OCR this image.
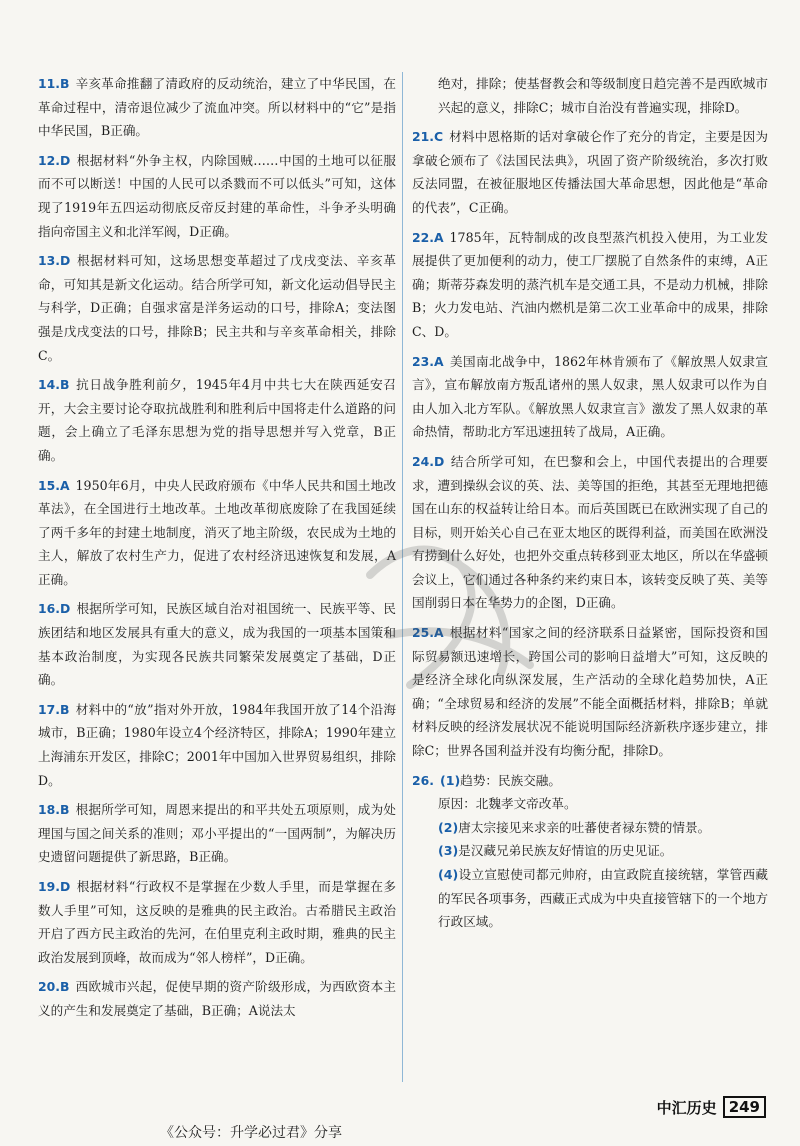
11.B 辛亥革命推翻了清政府的反动统治，建立了中华民国，在革命过程中，清帝退位减少了流血冲突。所以材料中的“它”是指中华民国，B正确。
12.D 根据材料“外争主权，内除国贼……中国的土地可以征服而不可以断送！中国的人民可以杀戮而不可以低头”可知，这体现了1919年五四运动彻底反帝反封建的革命性，斗争矛头明确指向帝国主义和北洋军阀，D正确。
13.D 根据材料可知，这场思想变革超过了戊戌变法、辛亥革命，可知其是新文化运动。结合所学可知，新文化运动倡导民主与科学，D正确；自强求富是洋务运动的口号，排除A；变法图强是戊戌变法的口号，排除B；民主共和与辛亥革命相关，排除C。
14.B 抗日战争胜利前夕，1945年4月中共七大在陕西延安召开，大会主要讨论夺取抗战胜利和胜利后中国将走什么道路的问题，会上确立了毛泽东思想为党的指导思想并写入党章，B正确。
15.A 1950年6月，中央人民政府颁布《中华人民共和国土地改革法》，在全国进行土地改革。土地改革彻底废除了在我国延续了两千多年的封建土地制度，消灭了地主阶级，农民成为土地的主人，解放了农村生产力，促进了农村经济迅速恢复和发展，A正确。
16.D 根据所学可知，民族区域自治对祖国统一、民族平等、民族团结和地区发展具有重大的意义，成为我国的一项基本国策和基本政治制度，为实现各民族共同繁荣发展奠定了基础，D正确。
17.B 材料中的“放”指对外开放，1984年我国开放了14个沿海城市，B正确；1980年设立4个经济特区，排除A；1990年建立上海浦东开发区，排除C；2001年中国加入世界贸易组织，排除D。
18.B 根据所学可知，周恩来提出的和平共处五项原则，成为处理国与国之间关系的准则；邓小平提出的“一国两制”，为解决历史遗留问题提供了新思路，B正确。
19.D 根据材料“行政权不是掌握在少数人手里，而是掌握在多数人手里”可知，这反映的是雅典的民主政治。古希腊民主政治开启了西方民主政治的先河，在伯里克利主政时期，雅典的民主政治发展到顶峰，故而成为“邻人榜样”，D正确。
20.B 西欧城市兴起，促使早期的资产阶级形成，为西欧资本主义的产生和发展奠定了基础，B正确；A说法太
绝对，排除；使基督教会和等级制度日趋完善不是西欧城市兴起的意义，排除C；城市自治没有普遍实现，排除D。
21.C 材料中恩格斯的话对拿破仑作了充分的肯定，主要是因为拿破仑颁布了《法国民法典》，巩固了资产阶级统治，多次打败反法同盟，在被征服地区传播法国大革命思想，因此他是“革命的代表”，C正确。
22.A 1785年，瓦特制成的改良型蒸汽机投入使用，为工业发展提供了更加便利的动力，使工厂摆脱了自然条件的束缚，A正确；斯蒂芬森发明的蒸汽机车是交通工具，不是动力机械，排除B；火力发电站、汽油内燃机是第二次工业革命中的成果，排除C、D。
23.A 美国南北战争中，1862年林肯颁布了《解放黑人奴隶宣言》，宣布解放南方叛乱诸州的黑人奴隶，黑人奴隶可以作为自由人加入北方军队。《解放黑人奴隶宣言》激发了黑人奴隶的革命热情，帮助北方军迅速扭转了战局，A正确。
24.D 结合所学可知，在巴黎和会上，中国代表提出的合理要求，遭到操纵会议的英、法、美等国的拒绝，其甚至无理地把德国在山东的权益转让给日本。而后英国既已在欧洲实现了自己的目标，则开始关心自己在亚太地区的既得利益，而美国在欧洲没有捞到什么好处，也把外交重点转移到亚太地区，所以在华盛顿会议上，它们通过各种条约来约束日本，该转变反映了英、美等国削弱日本在华势力的企图，D正确。
25.A 根据材料“国家之间的经济联系日益紧密，国际投资和国际贸易额迅速增长，跨国公司的影响日益增大”可知，这反映的是经济全球化向纵深发展，生产活动的全球化趋势加快，A正确；“全球贸易和经济的发展”不能全面概括材料，排除B；单就材料反映的经济发展状况不能说明国际经济新秩序逐步建立，排除C；世界各国利益并没有均衡分配，排除D。

26. (1)趋势：民族交融。

原因：北魏孝文帝改革。

(2)唐太宗接见来求亲的吐蕃使者禄东赞的情景。

(3)是汉藏兄弟民族友好情谊的历史见证。

(4)设立宣慰使司都元帅府，由宣政院直接统辖，掌管西藏的军民各项事务，西藏正式成为中央直接管辖下的一个地方行政区域。

中汇历史 249
《公众号：升学必过君》分享
